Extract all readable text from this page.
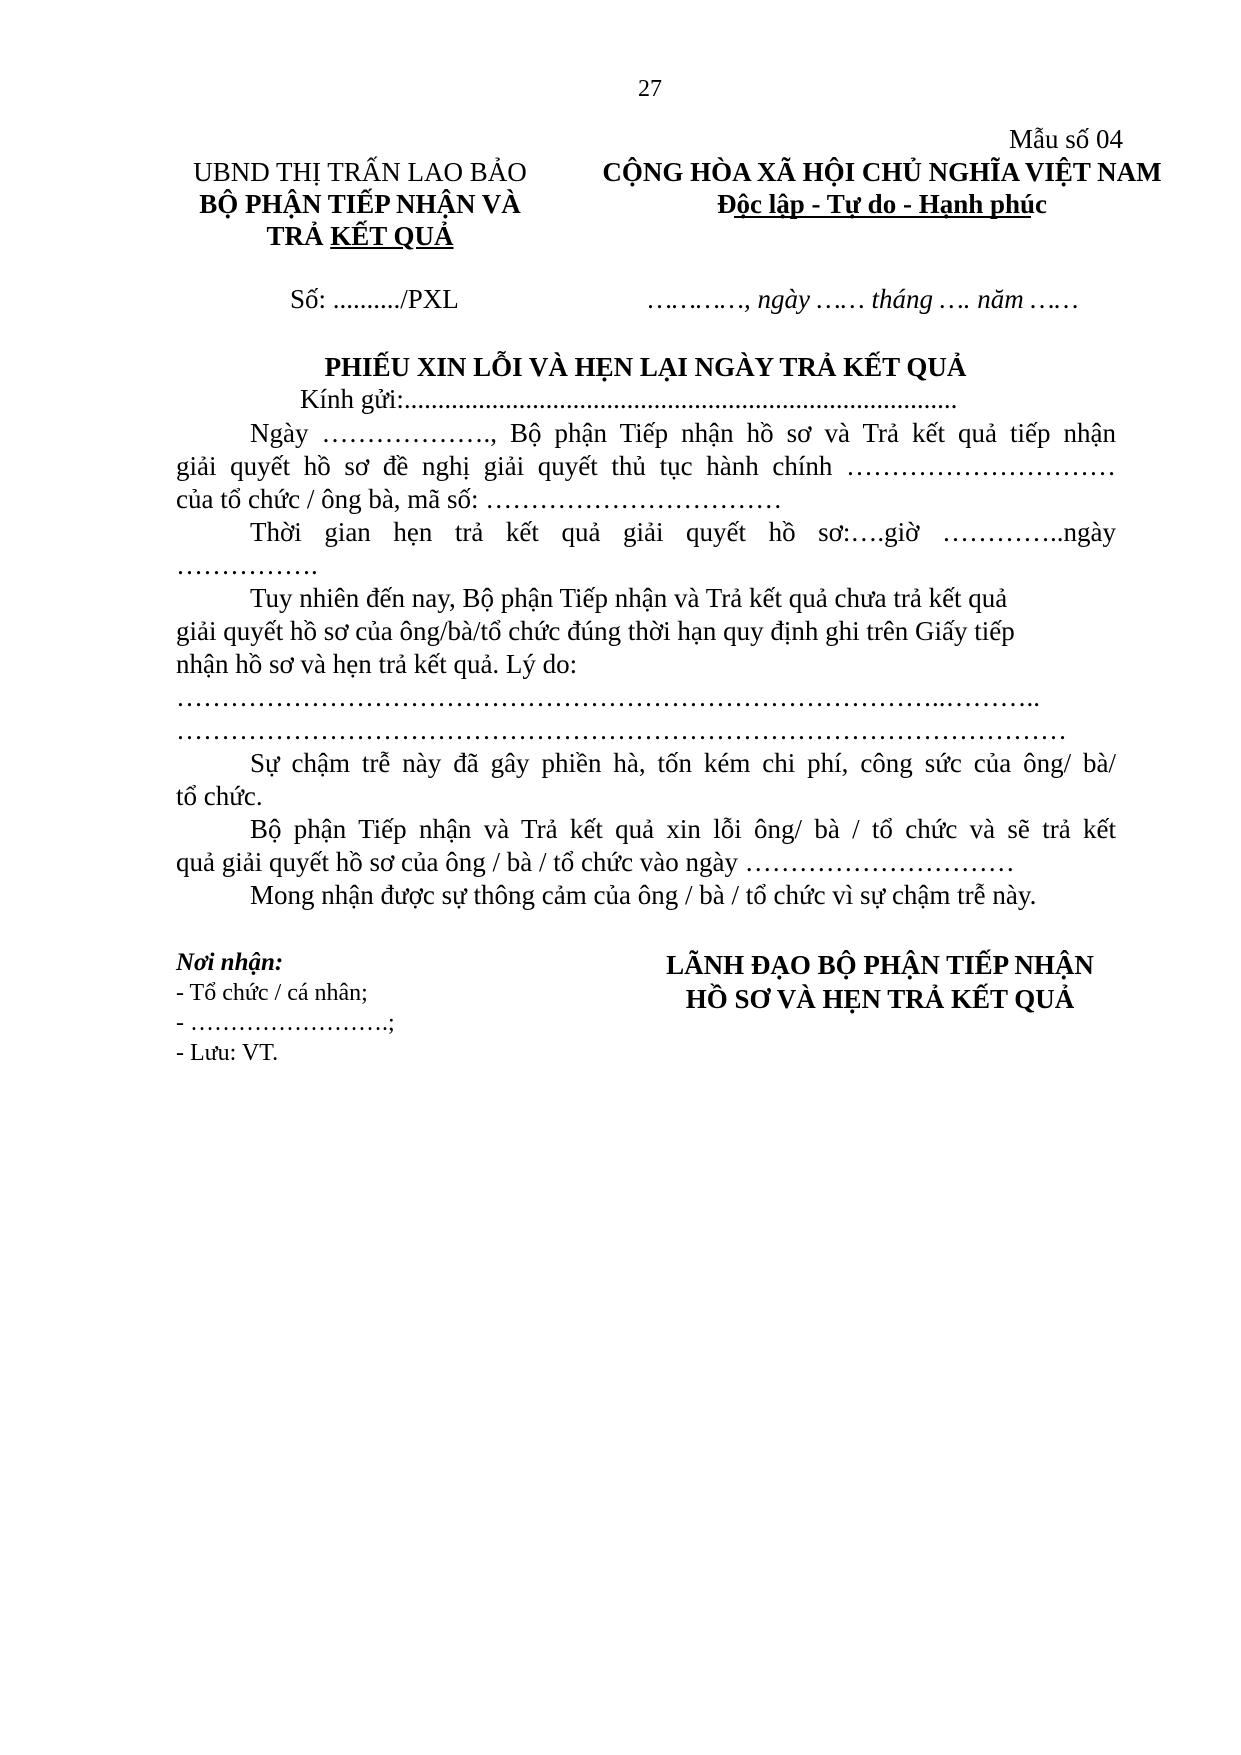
27
Mẫu số 04
UBND THỊ TRẤN LAO BẢO
BỘ PHẬN TIẾP NHẬN VÀ
TRẢ KẾT QUẢ
CỘNG HÒA XÃ HỘI CHỦ NGHĨA VIỆT NAM
Độc lập - Tự do - Hạnh phúc
Số: ........../PXL	…………, ngày …… tháng …. năm ……
PHIẾU XIN LỖI VÀ HẸN LẠI NGÀY TRẢ KẾT QUẢ
Kính gửi:..................................................................................

Ngày ………………., Bộ phận Tiếp nhận hồ sơ và Trả kết quả tiếp nhận

giải quyết hồ sơ đề nghị giải quyết thủ tục hành chính …………………………

của tổ chức / ông bà, mã số: ……………………………

Thời gian hẹn trả kết quả giải quyết hồ sơ:….giờ …………..ngày

…………….

Tuy nhiên đến nay, Bộ phận Tiếp nhận và Trả kết quả chưa trả kết quả

giải quyết hồ sơ của ông/bà/tổ chức đúng thời hạn quy định ghi trên Giấy tiếp

nhận hồ sơ và hẹn trả kết quả. Lý do:

…………………………………………………………………………..………..

………………………………………………………………………………………

Sự chậm trễ này đã gây phiền hà, tốn kém chi phí, công sức của ông/ bà/

tổ chức.

Bộ phận Tiếp nhận và Trả kết quả xin lỗi ông/ bà / tổ chức và sẽ trả kết

quả giải quyết hồ sơ của ông / bà / tổ chức vào ngày …………………………

Mong nhận được sự thông cảm của ông / bà / tổ chức vì sự chậm trễ này.

Nơi nhận:
- Tổ chức / cá nhân;
- …………………….;
- Lưu: VT.
LÃNH ĐẠO BỘ PHẬN TIẾP NHẬN
HỒ SƠ VÀ HẸN TRẢ KẾT QUẢ
